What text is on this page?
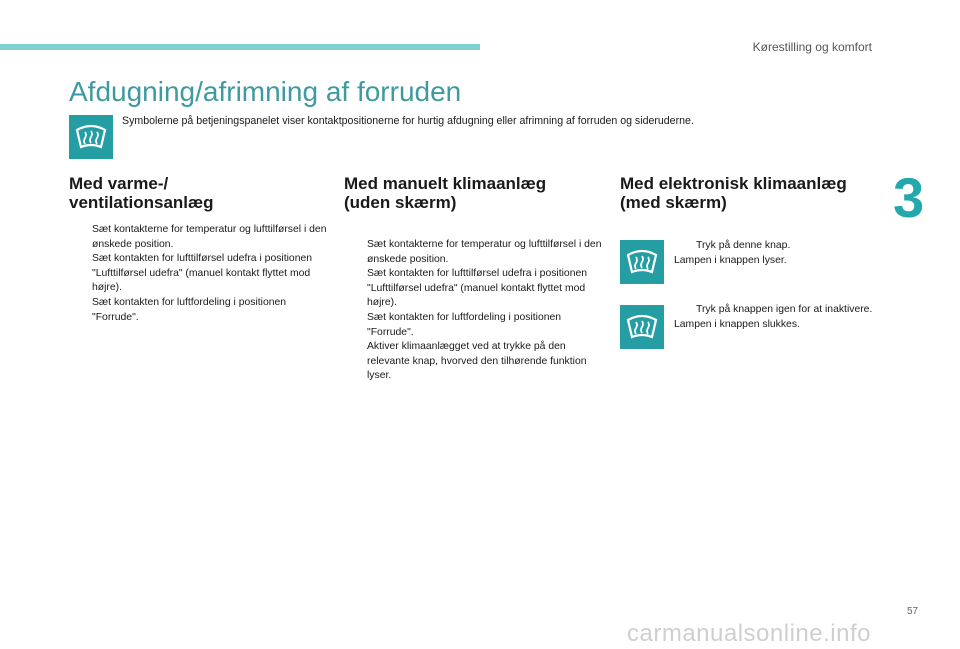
Kørestilling og komfort
3
Afdugning/afrimning af forruden
Symbolerne på betjeningspanelet viser kontaktpositionerne for hurtig afdugning eller afrimning af forruden og sideruderne.
Med varme-/
ventilationsanlæg
Sæt kontakterne for temperatur og lufttilførsel i den ønskede position.
Sæt kontakten for lufttilførsel udefra i positionen "Lufttilførsel udefra" (manuel kontakt flyttet mod højre).
Sæt kontakten for luftfordeling i positionen "Forrude".
Med manuelt klimaanlæg
(uden skærm)
Sæt kontakterne for temperatur og lufttilførsel i den ønskede position.
Sæt kontakten for lufttilførsel udefra i positionen "Lufttilførsel udefra" (manuel kontakt flyttet mod højre).
Sæt kontakten for luftfordeling i positionen "Forrude".
Aktiver klimaanlægget ved at trykke på den relevante knap, hvorved den tilhørende funktion lyser.
Med elektronisk klimaanlæg
(med skærm)
Tryk på denne knap.
Lampen i knappen lyser.
Tryk på knappen igen for at inaktivere.
Lampen i knappen slukkes.
57
carmanualsonline.info
